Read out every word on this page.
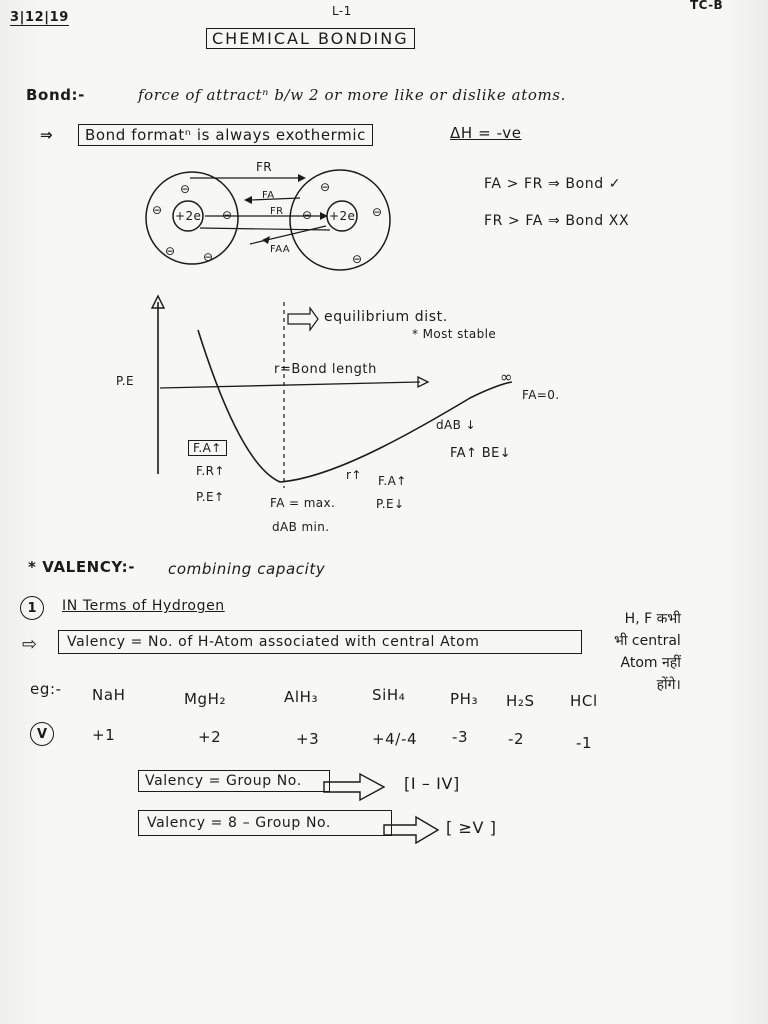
3|12|19	L-1	TC-B
CHEMICAL BONDING
Bond:-	force of attractⁿ b/w 2 or more like or dislike atoms.
⇒	Bond formatⁿ is always exothermic	ΔH = -ve
+2e	+2e
⊖
⊖	⊖
⊖ ⊖
⊖
⊖
⊖
⊖
FR
FA
FR
FAA
FA > FR ⇒ Bond ✓
FR > FA ⇒ Bond XX
equilibrium dist.
* Most stable
P.E
r=Bond length	∞
FA=0.
dAB ↓
FA↑ BE↓
F.A↑
F.R↑
P.E↑
r↑ F.A↑
P.E↓
FA = max.
dAB min.
* VALENCY:- combining capacity
1	IN Terms of Hydrogen
⇨	Valency = No. of H-Atom associated with central Atom
H, F कभी
भी central
Atom नहीं
होंगे।
eg:- NaH	MgH₂	AlH₃	SiH₄	PH₃ H₂S HCl
V	+1	+2	+3	+4/-4 -3	-2	-1
Valency = Group No.	[I – IV]
Valency = 8 – Group No.	[ ≥V ]
